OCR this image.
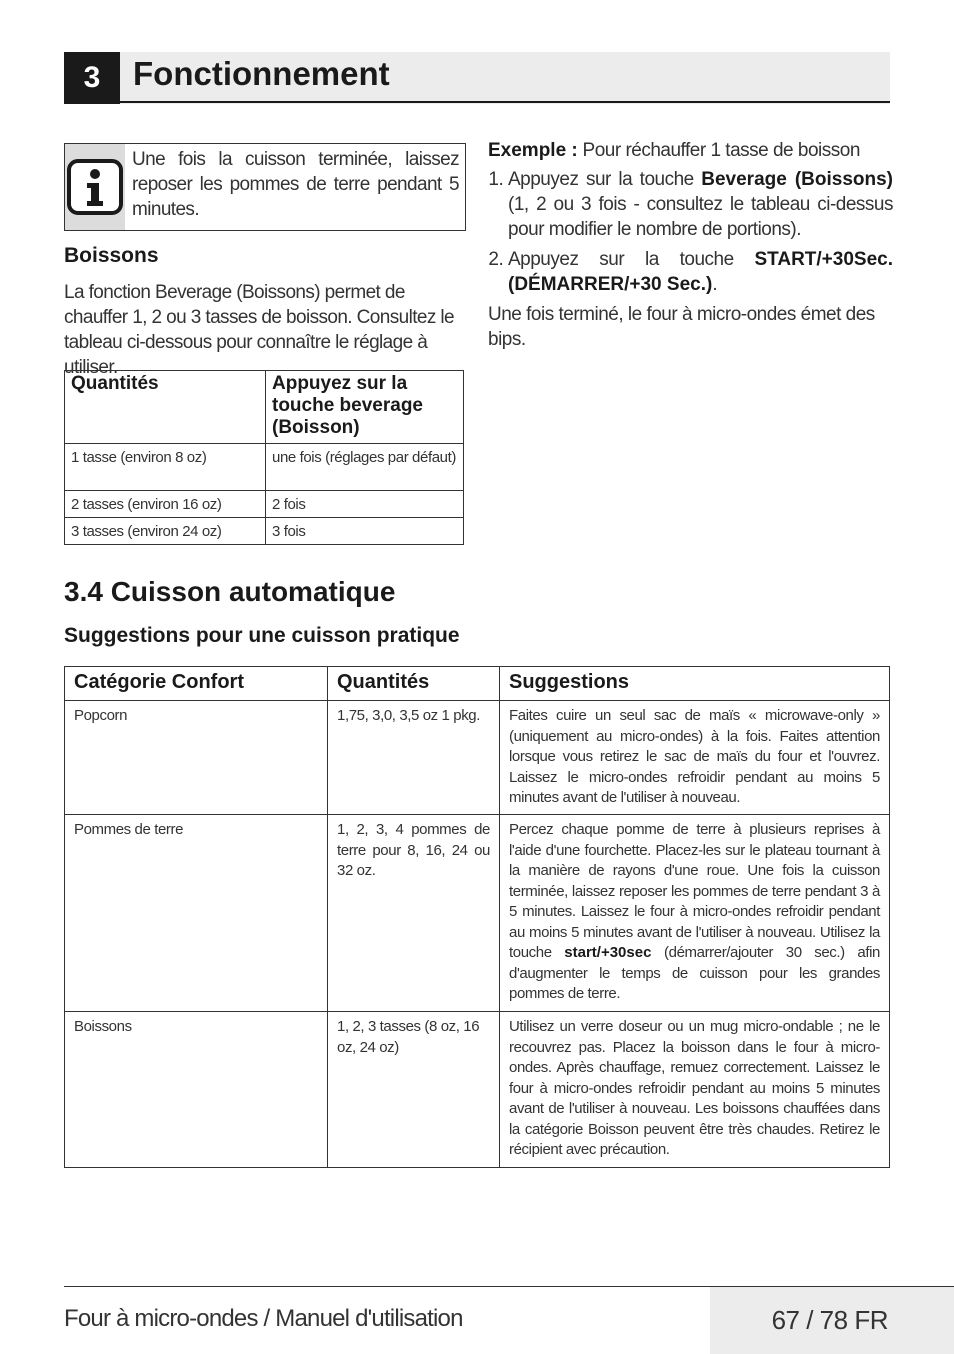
3 Fonctionnement
Une fois la cuisson terminée, laissez reposer les pommes de terre pendant 5 minutes.
Boissons

La fonction Beverage (Boissons) permet de chauffer 1, 2 ou 3 tasses de boisson. Consultez le tableau ci-dessous pour connaître le réglage à utiliser.

Quantités	Appuyez sur la touche beverage (Boisson)
1 tasse (environ 8 oz)	une fois (réglages par défaut)
2 tasses (environ 16 oz)	2 fois
3 tasses (environ 24 oz)	3 fois
Exemple : Pour réchauffer 1 tasse de boisson
1. Appuyez sur la touche Beverage (Boissons) (1, 2 ou 3 fois - consultez le tableau ci-dessus pour modifier le nombre de portions).
2. Appuyez sur la touche START/+30Sec. (DÉMARRER/+30 Sec.).
Une fois terminé, le four à micro-ondes émet des bips.
3.4 Cuisson automatique
Suggestions pour une cuisson pratique
Catégorie Confort	Quantités	Suggestions
Popcorn	1,75, 3,0, 3,5 oz 1 pkg.	Faites cuire un seul sac de maïs « microwave-only » (uniquement au micro-ondes) à la fois. Faites attention lorsque vous retirez le sac de maïs du four et l'ouvrez. Laissez le micro-ondes refroidir pendant au moins 5 minutes avant de l'utiliser à nouveau.
Pommes de terre	1, 2, 3, 4 pommes de terre pour 8, 16, 24 ou 32 oz.	Percez chaque pomme de terre à plusieurs reprises à l'aide d'une fourchette. Placez-les sur le plateau tournant à la manière de rayons d'une roue. Une fois la cuisson terminée, laissez reposer les pommes de terre pendant 3 à 5 minutes. Laissez le four à micro-ondes refroidir pendant au moins 5 minutes avant de l'utiliser à nouveau. Utilisez la touche start/+30sec (démarrer/ajouter 30 sec.) afin d'augmenter le temps de cuisson pour les grandes pommes de terre.
Boissons	1, 2, 3 tasses (8 oz, 16 oz, 24 oz)	Utilisez un verre doseur ou un mug micro-ondable ; ne le recouvrez pas. Placez la boisson dans le four à micro-ondes. Après chauffage, remuez correctement. Laissez le four à micro-ondes refroidir pendant au moins 5 minutes avant de l'utiliser à nouveau. Les boissons chauffées dans la catégorie Boisson peuvent être très chaudes. Retirez le récipient avec précaution.
Four à micro-ondes / Manuel d'utilisation	67 / 78 FR
